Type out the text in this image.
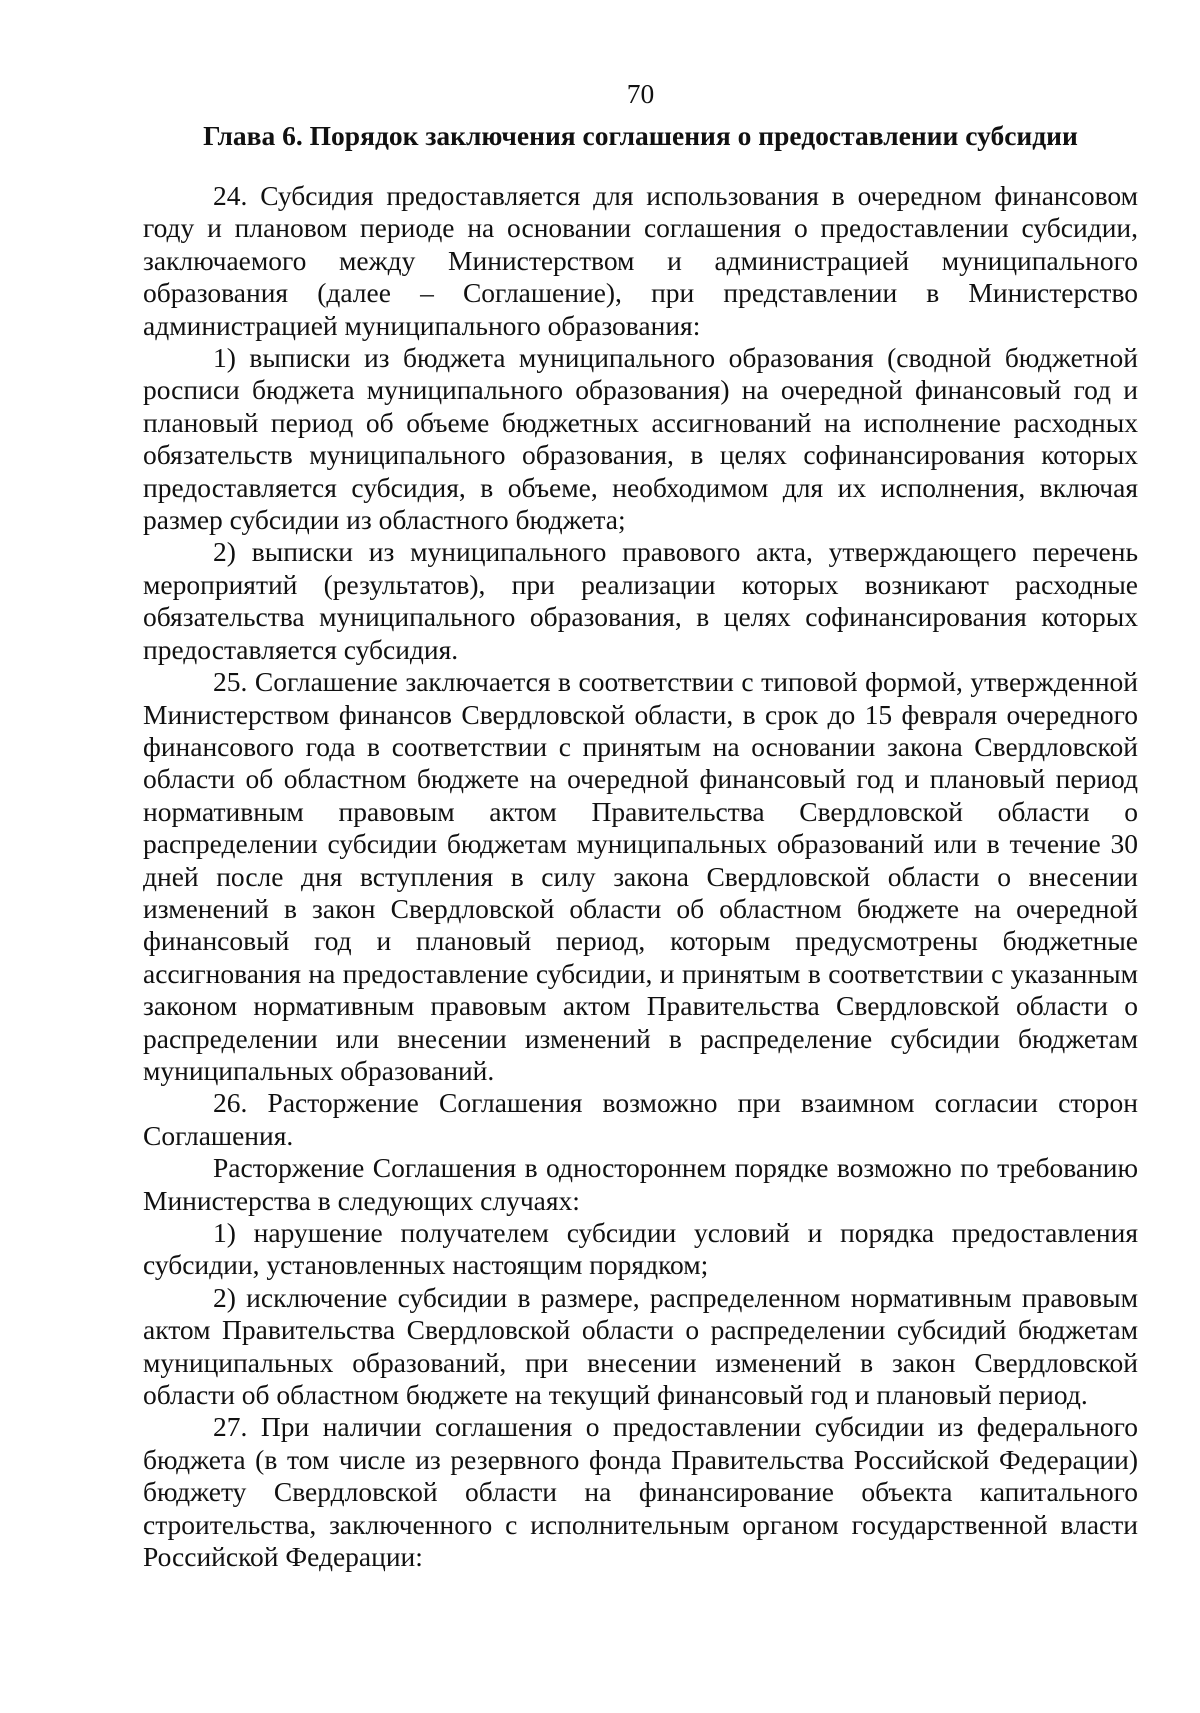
70
Глава 6. Порядок заключения соглашения о предоставлении субсидии

24. Субсидия предоставляется для использования в очередном финансовом году и плановом периоде на основании соглашения о предоставлении субсидии, заключаемого между Министерством и администрацией муниципального образования (далее – Соглашение), при представлении в Министерство администрацией муниципального образования:

1) выписки из бюджета муниципального образования (сводной бюджетной росписи бюджета муниципального образования) на очередной финансовый год и плановый период об объеме бюджетных ассигнований на исполнение расходных обязательств муниципального образования, в целях софинансирования которых предоставляется субсидия, в объеме, необходимом для их исполнения, включая размер субсидии из областного бюджета;

2) выписки из муниципального правового акта, утверждающего перечень мероприятий (результатов), при реализации которых возникают расходные обязательства муниципального образования, в целях софинансирования которых предоставляется субсидия.

25. Соглашение заключается в соответствии с типовой формой, утвержденной Министерством финансов Свердловской области, в срок до 15 февраля очередного финансового года в соответствии с принятым на основании закона Свердловской области об областном бюджете на очередной финансовый год и плановый период нормативным правовым актом Правительства Свердловской области о распределении субсидии бюджетам муниципальных образований или в течение 30 дней после дня вступления в силу закона Свердловской области о внесении изменений в закон Свердловской области об областном бюджете на очередной финансовый год и плановый период, которым предусмотрены бюджетные ассигнования на предоставление субсидии, и принятым в соответствии с указанным законом нормативным правовым актом Правительства Свердловской области о распределении или внесении изменений в распределение субсидии бюджетам муниципальных образований.

26. Расторжение Соглашения возможно при взаимном согласии сторон Соглашения.

Расторжение Соглашения в одностороннем порядке возможно по требованию Министерства в следующих случаях:

1) нарушение получателем субсидии условий и порядка предоставления субсидии, установленных настоящим порядком;

2) исключение субсидии в размере, распределенном нормативным правовым актом Правительства Свердловской области о распределении субсидий бюджетам муниципальных образований, при внесении изменений в закон Свердловской области об областном бюджете на текущий финансовый год и плановый период.

27. При наличии соглашения о предоставлении субсидии из федерального бюджета (в том числе из резервного фонда Правительства Российской Федерации) бюджету Свердловской области на финансирование объекта капитального строительства, заключенного с исполнительным органом государственной власти Российской Федерации:
